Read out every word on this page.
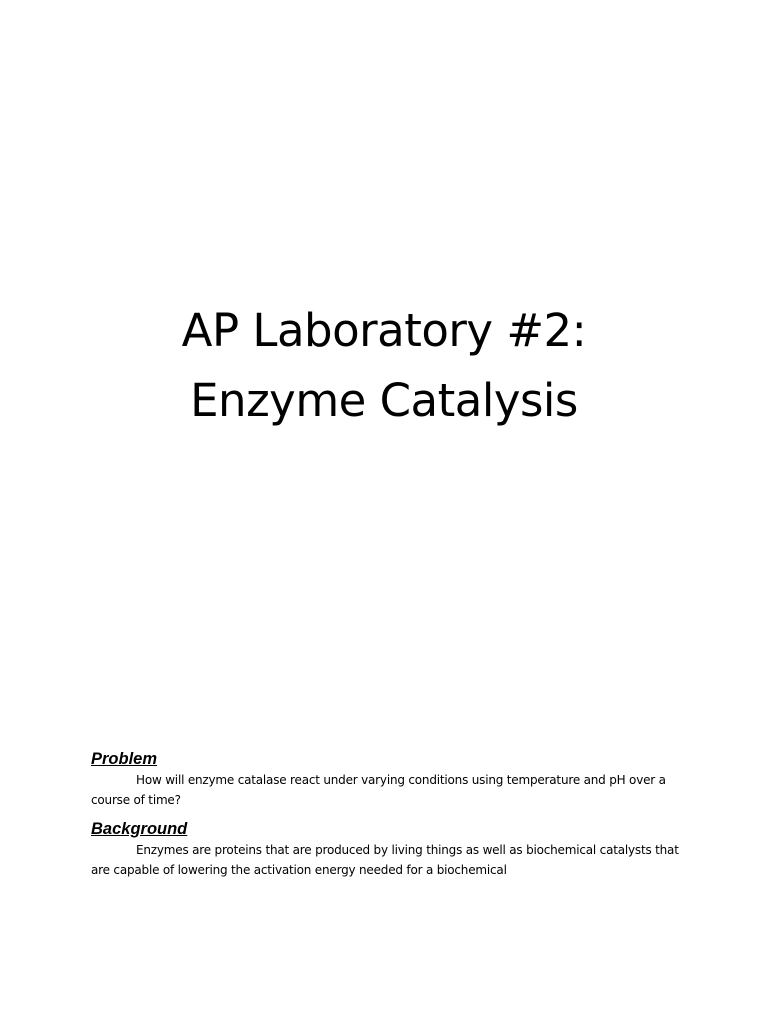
AP Laboratory #2:
Enzyme Catalysis

Problem

How will enzyme catalase react under varying conditions using temperature and pH over a course of time?

Background

Enzymes are proteins that are produced by living things as well as biochemical catalysts that are capable of lowering the activation energy needed for a biochemical
